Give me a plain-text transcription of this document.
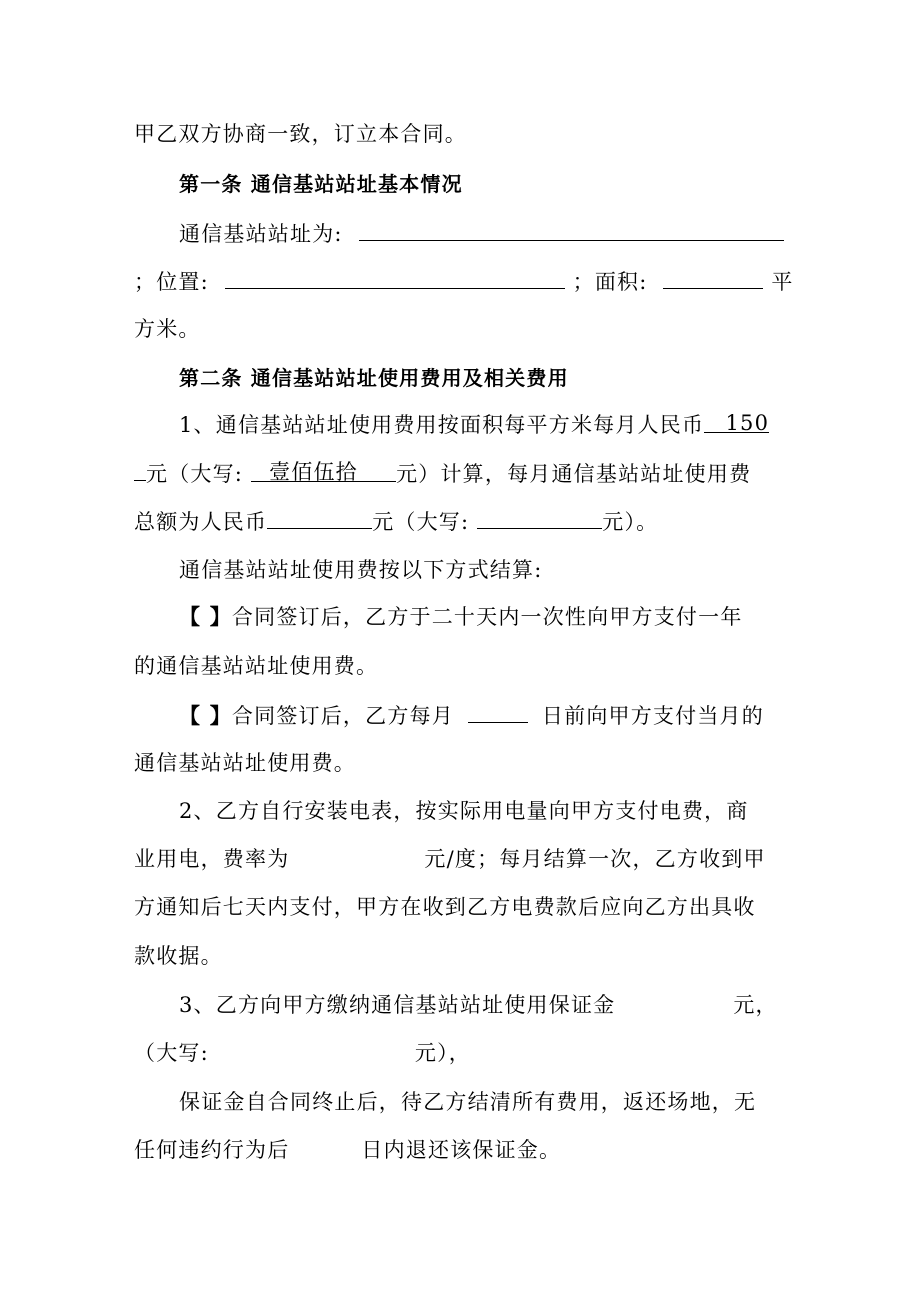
甲乙双方协商一致，订立本合同。
第一条 通信基站站址基本情况
通信基站站址为:
；位置:	；面积:	平
方米。
第二条 通信基站站址使用费用及相关费用
1、通信基站站址使用费用按面积每平方米每月人民币 150
元（大写: 壹佰伍拾 元）计算，每月通信基站站址使用费
总额为人民币	元（大写:	元）。
通信基站站址使用费按以下方式结算:
【 】合同签订后，乙方于二十天内一次性向甲方支付一年
的通信基站站址使用费。
【 】合同签订后，乙方每月	日前向甲方支付当月的
通信基站站址使用费。
2、乙方自行安装电表，按实际用电量向甲方支付电费，商
业用电，费率为	元/度；每月结算一次，乙方收到甲
方通知后七天内支付，甲方在收到乙方电费款后应向乙方出具收
款收据。
3、乙方向甲方缴纳通信基站站址使用保证金	元，
（大写:	元），
保证金自合同终止后，待乙方结清所有费用，返还场地，无
任何违约行为后	日内退还该保证金。
